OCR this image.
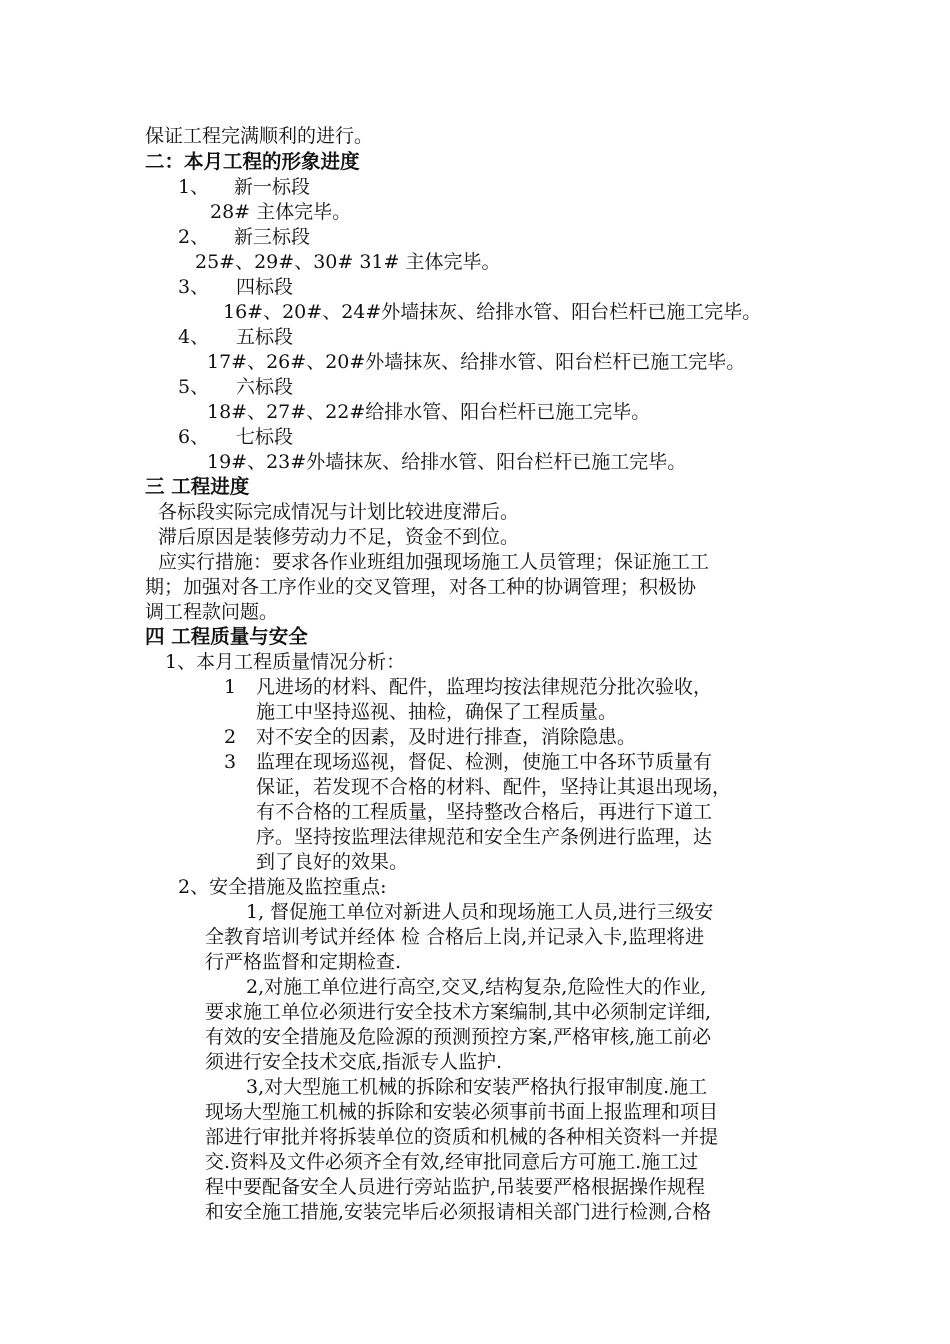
保证工程完满顺利的进行。
二：本月工程的形象进度
1、 新一标段
28# 主体完毕。
2、 新三标段
25#、29#、30# 31# 主体完毕。
3、 四标段
16#、20#、24#外墙抹灰、给排水管、阳台栏杆已施工完毕。
4、 五标段
17#、26#、20#外墙抹灰、给排水管、阳台栏杆已施工完毕。
5、 六标段
18#、27#、22#给排水管、阳台栏杆已施工完毕。
6、 七标段
19#、23#外墙抹灰、给排水管、阳台栏杆已施工完毕。
三 工程进度
各标段实际完成情况与计划比较进度滞后。
滞后原因是装修劳动力不足，资金不到位。
应实行措施：要求各作业班组加强现场施工人员管理；保证施工工
期；加强对各工序作业的交叉管理，对各工种的协调管理；积极协
调工程款问题。
四 工程质量与安全
1、本月工程质量情况分析：
1 凡进场的材料、配件，监理均按法律规范分批次验收，
施工中坚持巡视、抽检，确保了工程质量。
2 对不安全的因素，及时进行排查，消除隐患。
3 监理在现场巡视，督促、检测，使施工中各环节质量有
保证，若发现不合格的材料、配件，坚持让其退出现场，
有不合格的工程质量，坚持整改合格后，再进行下道工
序。坚持按监理法律规范和安全生产条例进行监理，达
到了良好的效果。
2、安全措施及监控重点:
1, 督促施工单位对新进人员和现场施工人员,进行三级安
全教育培训考试并经体 检 合格后上岗,并记录入卡,监理将进
行严格监督和定期检查.
2,对施工单位进行高空,交叉,结构复杂,危险性大的作业,
要求施工单位必须进行安全技术方案编制,其中必须制定详细,
有效的安全措施及危险源的预测预控方案,严格审核,施工前必
须进行安全技术交底,指派专人监护.
3,对大型施工机械的拆除和安装严格执行报审制度.施工
现场大型施工机械的拆除和安装必须事前书面上报监理和项目
部进行审批并将拆装单位的资质和机械的各种相关资料一并提
交.资料及文件必须齐全有效,经审批同意后方可施工.施工过
程中要配备安全人员进行旁站监护,吊装要严格根据操作规程
和安全施工措施,安装完毕后必须报请相关部门进行检测,合格
